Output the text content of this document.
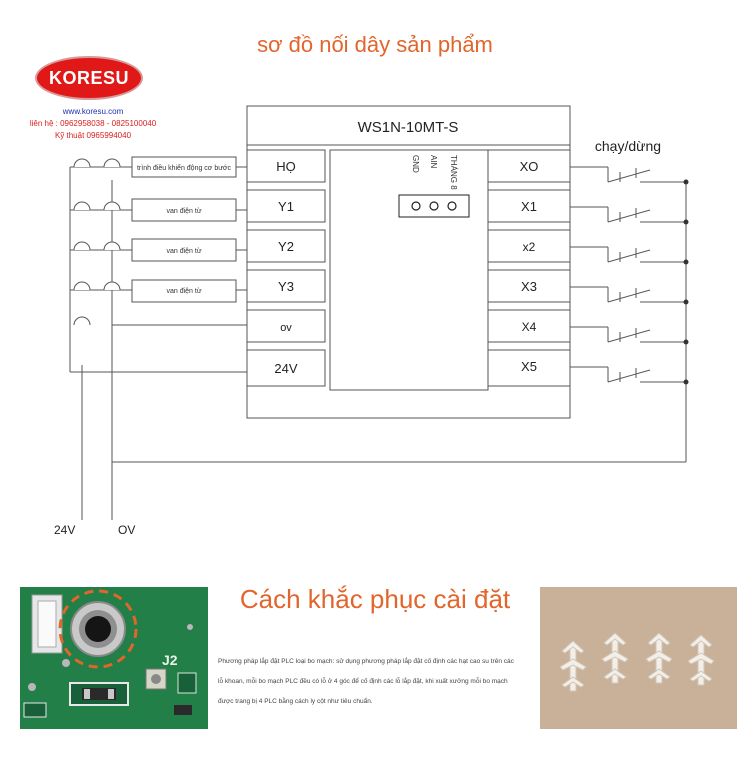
sơ đồ nối dây sản phẩm
KORESU
www.koresu.com
liên hệ : 0962958038 - 0825100040
Kỹ thuật 0965994040	WS1N-10MT-S
HỌ
Y1
Y2
Y3
ov
24V
XO
X1
x2
X3
X4
X5
GND AIN THÁNG 8
trình điều khiển động cơ bước
van điện từ
van điện từ
van điện từ
chạy/dừng
24V	OV
J2
Cách khắc phục cài đặt
Phương pháp lắp đặt PLC loại bo mạch: sử dụng phương pháp lắp đặt cố định các hạt cao su trên các lỗ khoan, mỗi bo mạch PLC đều có lỗ ở 4 góc để cố định các lỗ lắp đặt, khi xuất xưởng mỗi bo mạch được trang bị 4 PLC bằng cách ly cột như tiêu chuẩn.
